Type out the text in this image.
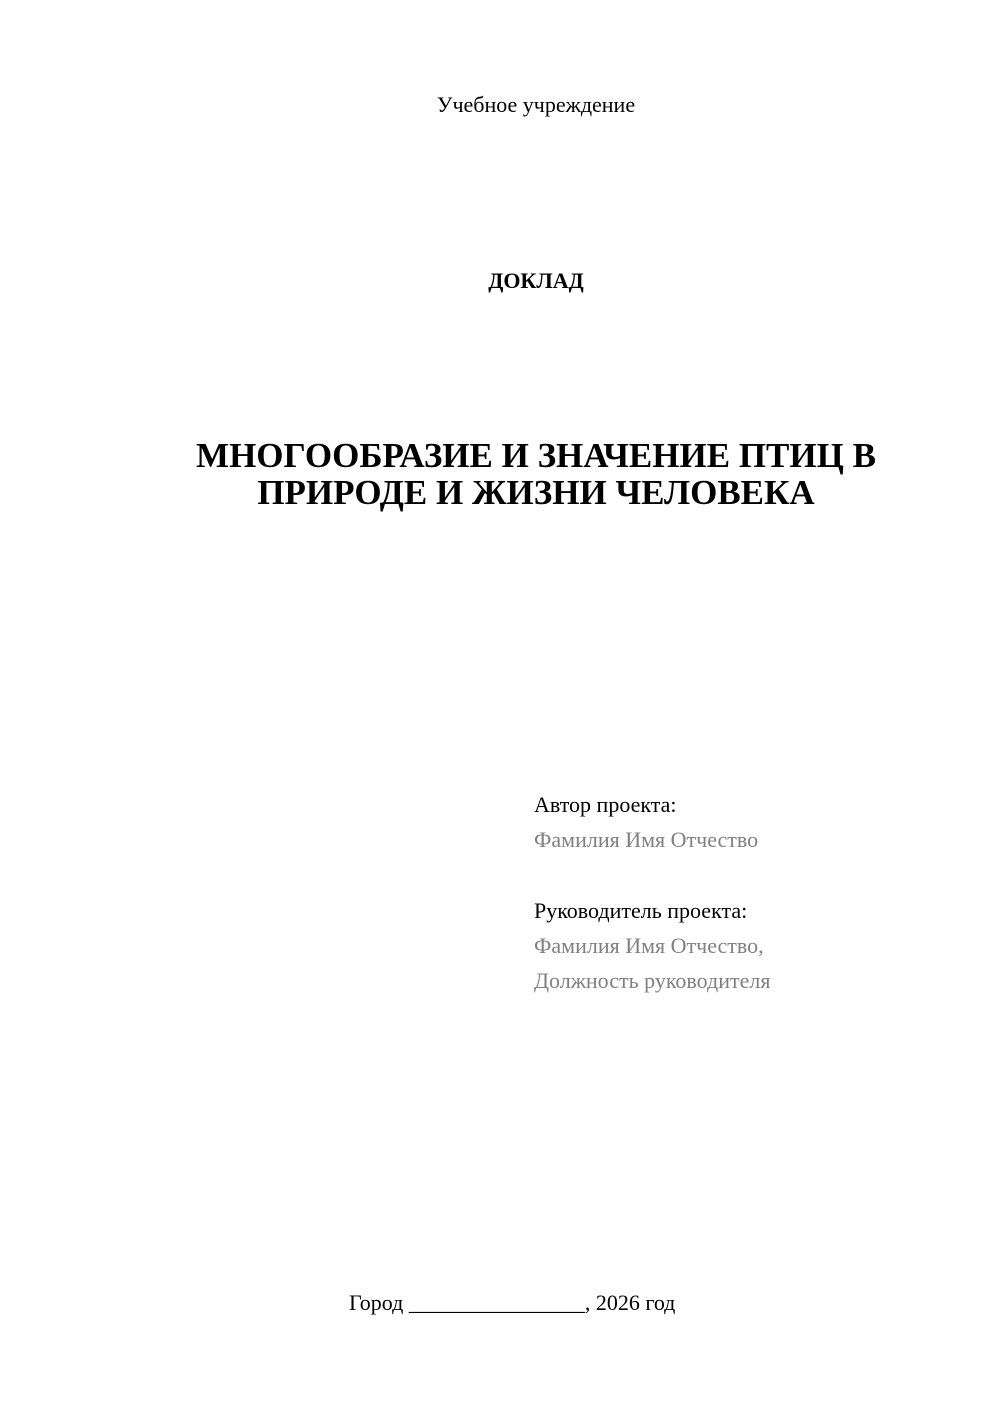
Учебное учреждение
ДОКЛАД
МНОГООБРАЗИЕ И ЗНАЧЕНИЕ ПТИЦ В
ПРИРОДЕ И ЖИЗНИ ЧЕЛОВЕКА
Автор проекта:
Фамилия Имя Отчество
Руководитель проекта:
Фамилия Имя Отчество,
Должность руководителя
Город ________________, 2026 год
